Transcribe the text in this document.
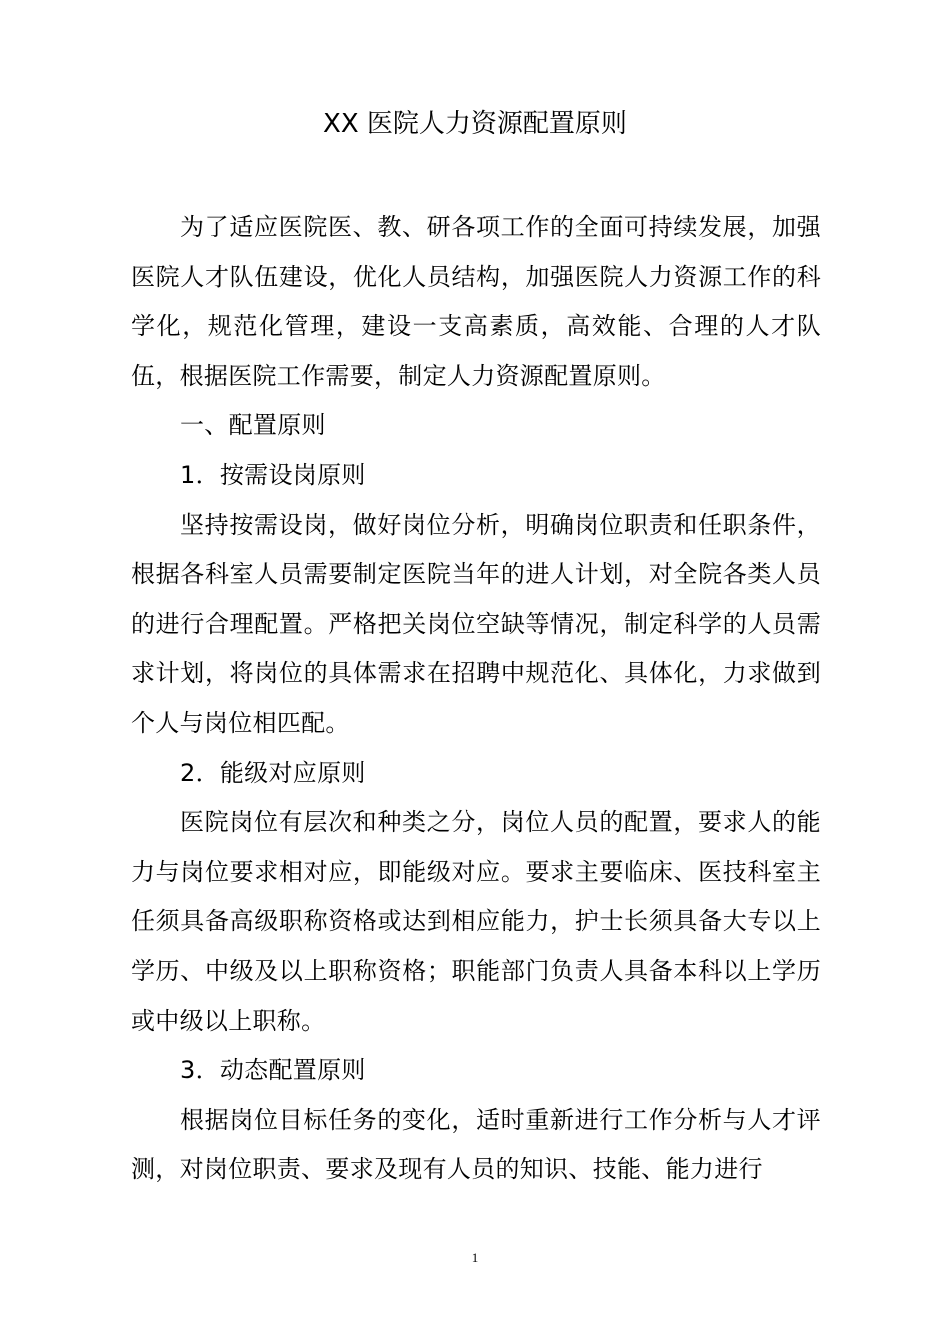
XX 医院人力资源配置原则

为了适应医院医、教、研各项工作的全面可持续发展，加强医院人才队伍建设，优化人员结构，加强医院人力资源工作的科学化，规范化管理，建设一支高素质，高效能、合理的人才队伍，根据医院工作需要，制定人力资源配置原则。

一、配置原则

1．按需设岗原则

坚持按需设岗，做好岗位分析，明确岗位职责和任职条件，根据各科室人员需要制定医院当年的进人计划，对全院各类人员的进行合理配置。严格把关岗位空缺等情况，制定科学的人员需求计划，将岗位的具体需求在招聘中规范化、具体化，力求做到个人与岗位相匹配。

2．能级对应原则

医院岗位有层次和种类之分，岗位人员的配置，要求人的能力与岗位要求相对应，即能级对应。要求主要临床、医技科室主任须具备高级职称资格或达到相应能力，护士长须具备大专以上学历、中级及以上职称资格；职能部门负责人具备本科以上学历或中级以上职称。

3．动态配置原则

根据岗位目标任务的变化，适时重新进行工作分析与人才评测，对岗位职责、要求及现有人员的知识、技能、能力进行

1
